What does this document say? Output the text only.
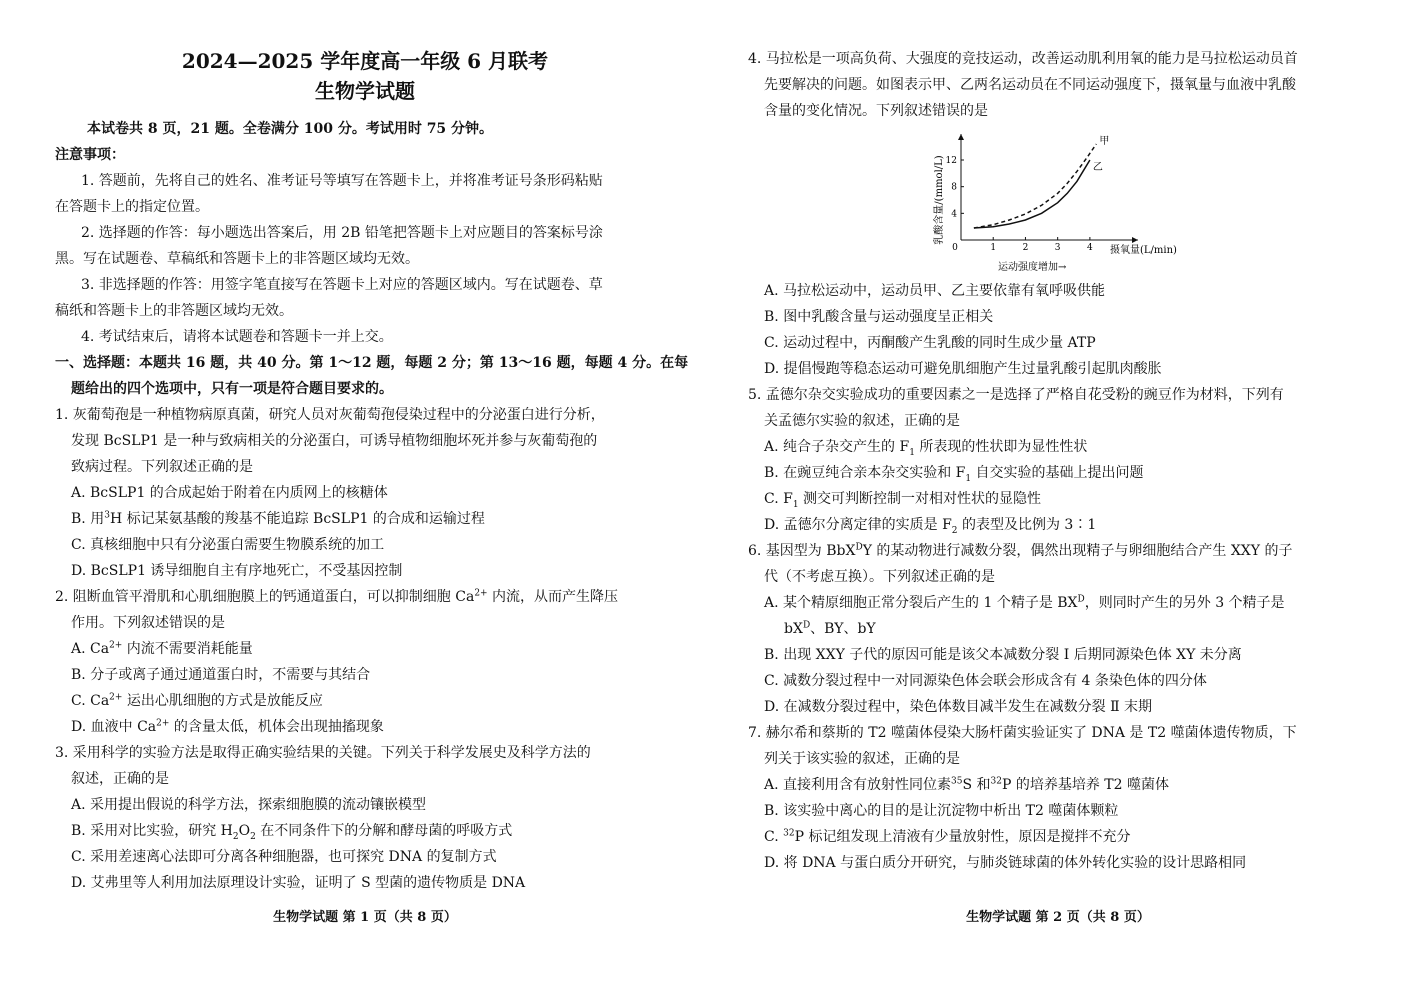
2024—2025 学年度高一年级 6 月联考
生物学试题
本试卷共 8 页，21 题。全卷满分 100 分。考试用时 75 分钟。
注意事项：
1. 答题前，先将自己的姓名、准考证号等填写在答题卡上，并将准考证号条形码粘贴
在答题卡上的指定位置。
2. 选择题的作答：每小题选出答案后，用 2B 铅笔把答题卡上对应题目的答案标号涂
黑。写在试题卷、草稿纸和答题卡上的非答题区域均无效。
3. 非选择题的作答：用签字笔直接写在答题卡上对应的答题区域内。写在试题卷、草
稿纸和答题卡上的非答题区域均无效。
4. 考试结束后，请将本试题卷和答题卡一并上交。
一、选择题：本题共 16 题，共 40 分。第 1～12 题，每题 2 分；第 13～16 题，每题 4 分。在每
题给出的四个选项中，只有一项是符合题目要求的。
1. 灰葡萄孢是一种植物病原真菌，研究人员对灰葡萄孢侵染过程中的分泌蛋白进行分析，
发现 BcSLP1 是一种与致病相关的分泌蛋白，可诱导植物细胞坏死并参与灰葡萄孢的
致病过程。下列叙述正确的是
A. BcSLP1 的合成起始于附着在内质网上的核糖体
B. 用$^3$H 标记某氨基酸的羧基不能追踪 BcSLP1 的合成和运输过程
C. 真核细胞中只有分泌蛋白需要生物膜系统的加工
D. BcSLP1 诱导细胞自主有序地死亡，不受基因控制
2. 阻断血管平滑肌和心肌细胞膜上的钙通道蛋白，可以抑制细胞 $Ca^{2+}$ 内流，从而产生降压
作用。下列叙述错误的是
A. $Ca^{2+}$ 内流不需要消耗能量
B. 分子或离子通过通道蛋白时，不需要与其结合
C. $Ca^{2+}$ 运出心肌细胞的方式是放能反应
D. 血液中 $Ca^{2+}$ 的含量太低，机体会出现抽搐现象
3. 采用科学的实验方法是取得正确实验结果的关键。下列关于科学发展史及科学方法的
叙述，正确的是
A. 采用提出假说的科学方法，探索细胞膜的流动镶嵌模型
B. 采用对比实验，研究 $H_2O_2$ 在不同条件下的分解和酵母菌的呼吸方式
C. 采用差速离心法即可分离各种细胞器，也可探究 DNA 的复制方式
D. 艾弗里等人利用加法原理设计实验，证明了 S 型菌的遗传物质是 DNA
生物学试题 第 1 页（共 8 页）
4. 马拉松是一项高负荷、大强度的竞技运动，改善运动肌利用氧的能力是马拉松运动员首
先要解决的问题。如图表示甲、乙两名运动员在不同运动强度下，摄氧量与血液中乳酸
含量的变化情况。下列叙述错误的是
乳酸含量/(mmol/L)
摄氧量(L/min)
运动强度增加→
0	1	2	3	4
4
8
12
甲
乙
A. 马拉松运动中，运动员甲、乙主要依靠有氧呼吸供能
B. 图中乳酸含量与运动强度呈正相关
C. 运动过程中，丙酮酸产生乳酸的同时生成少量 ATP
D. 提倡慢跑等稳态运动可避免肌细胞产生过量乳酸引起肌肉酸胀
5. 孟德尔杂交实验成功的重要因素之一是选择了严格自花受粉的豌豆作为材料，下列有
关孟德尔实验的叙述，正确的是
A. 纯合子杂交产生的 $F_1$ 所表现的性状即为显性性状
B. 在豌豆纯合亲本杂交实验和 $F_1$ 自交实验的基础上提出问题
C. $F_1$ 测交可判断控制一对相对性状的显隐性
D. 孟德尔分离定律的实质是 $F_2$ 的表型及比例为 3∶1
6. 基因型为 BbX$^D$Y 的某动物进行减数分裂，偶然出现精子与卵细胞结合产生 XXY 的子
代（不考虑互换）。下列叙述正确的是
A. 某个精原细胞正常分裂后产生的 1 个精子是 $BX^D$，则同时产生的另外 3 个精子是
$bX^D$、BY、bY
B. 出现 XXY 子代的原因可能是该父本减数分裂 Ⅰ 后期同源染色体 XY 未分离
C. 减数分裂过程中一对同源染色体会联会形成含有 4 条染色体的四分体
D. 在减数分裂过程中，染色体数目减半发生在减数分裂 Ⅱ 末期
7. 赫尔希和蔡斯的 T2 噬菌体侵染大肠杆菌实验证实了 DNA 是 T2 噬菌体遗传物质，下
列关于该实验的叙述，正确的是
A. 直接利用含有放射性同位素$^{35}$S 和$^{32}$P 的培养基培养 T2 噬菌体
B. 该实验中离心的目的是让沉淀物中析出 T2 噬菌体颗粒
C. $^{32}$P 标记组发现上清液有少量放射性，原因是搅拌不充分
D. 将 DNA 与蛋白质分开研究，与肺炎链球菌的体外转化实验的设计思路相同
生物学试题 第 2 页（共 8 页）
